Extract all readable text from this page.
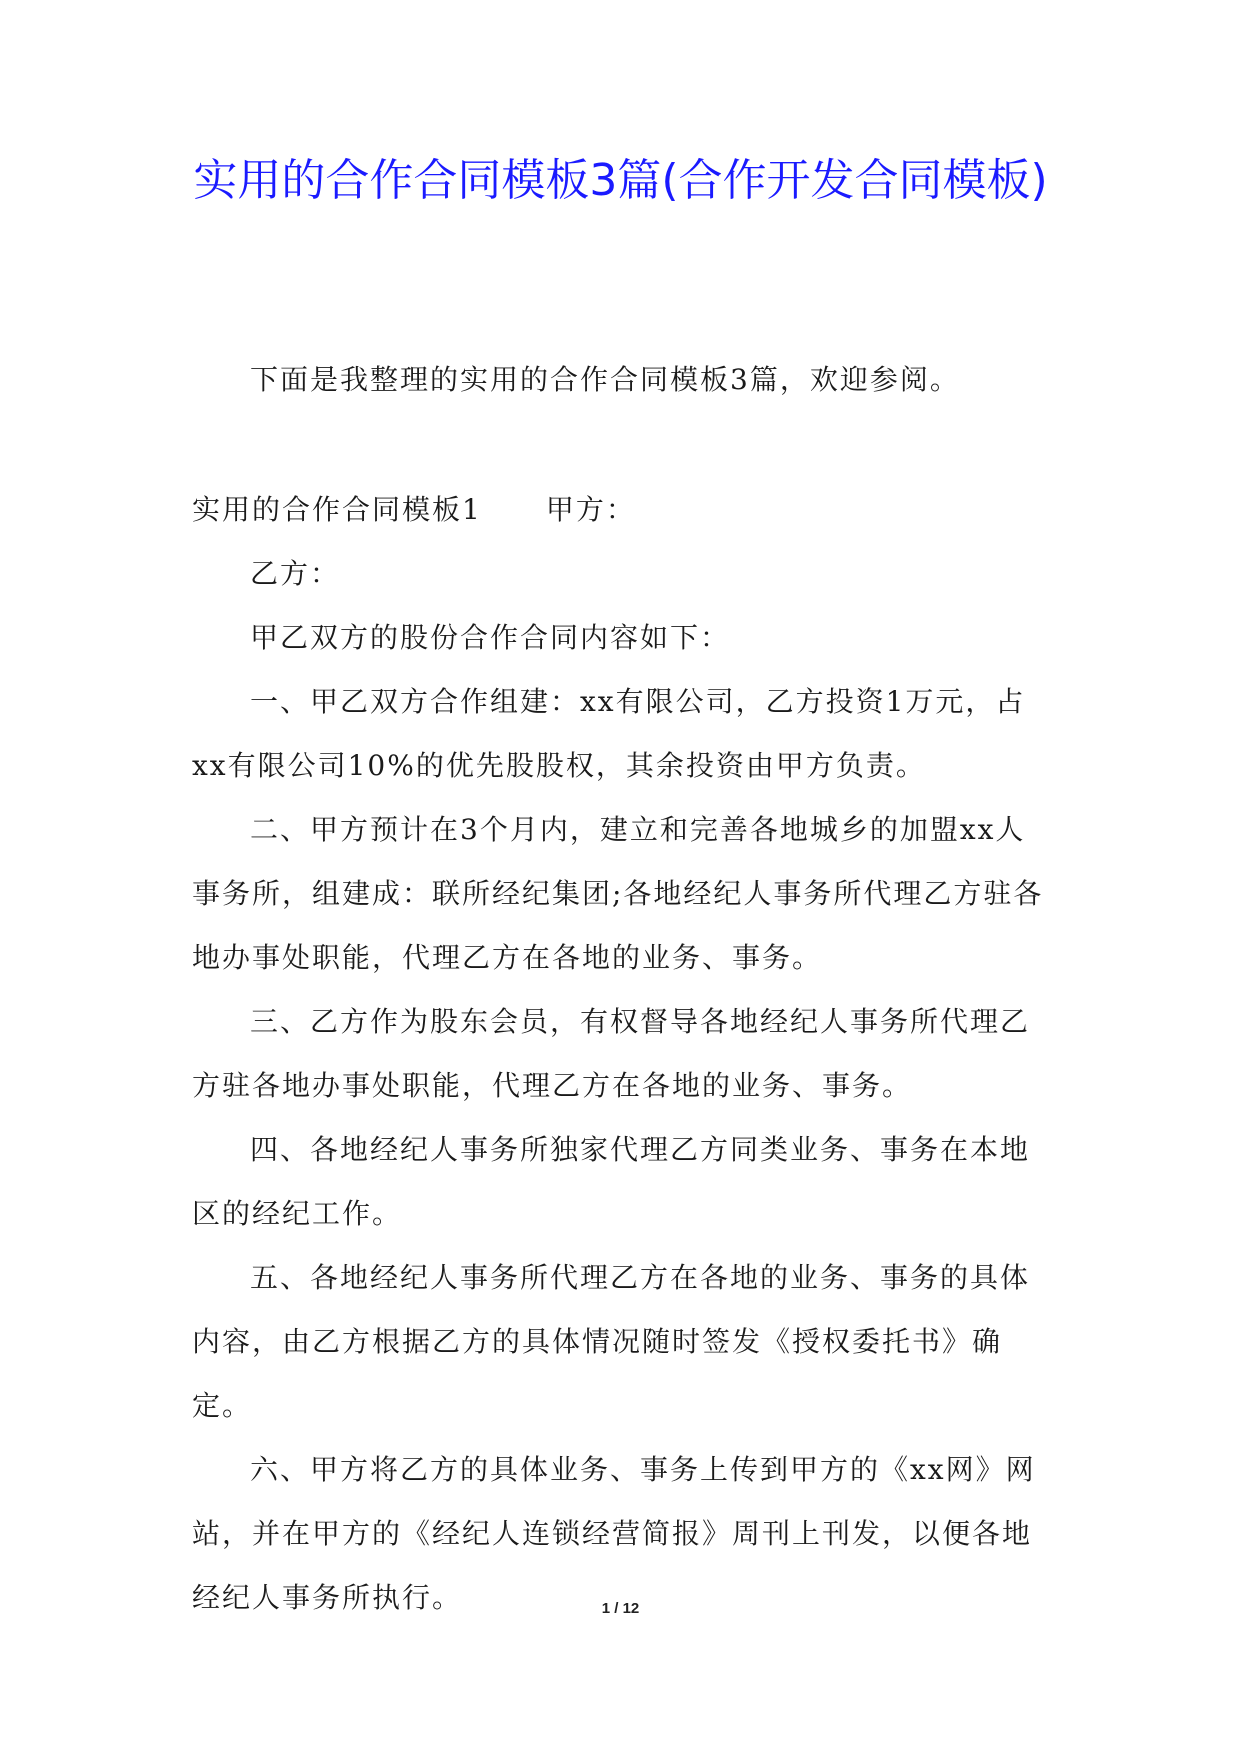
实用的合作合同模板3篇(合作开发合同模板)

下面是我整理的实用的合作合同模板3篇，欢迎参阅。

实用的合作合同模板1 甲方：

乙方：

甲乙双方的股份合作合同内容如下：

一、甲乙双方合作组建：xx有限公司，乙方投资1万元，占xx有限公司10%的优先股股权，其余投资由甲方负责。

二、甲方预计在3个月内，建立和完善各地城乡的加盟xx人事务所，组建成：联所经纪集团;各地经纪人事务所代理乙方驻各地办事处职能，代理乙方在各地的业务、事务。

三、乙方作为股东会员，有权督导各地经纪人事务所代理乙方驻各地办事处职能，代理乙方在各地的业务、事务。

四、各地经纪人事务所独家代理乙方同类业务、事务在本地区的经纪工作。

五、各地经纪人事务所代理乙方在各地的业务、事务的具体内容，由乙方根据乙方的具体情况随时签发《授权委托书》确定。

六、甲方将乙方的具体业务、事务上传到甲方的《xx网》网站，并在甲方的《经纪人连锁经营简报》周刊上刊发，以便各地经纪人事务所执行。	1 / 12
